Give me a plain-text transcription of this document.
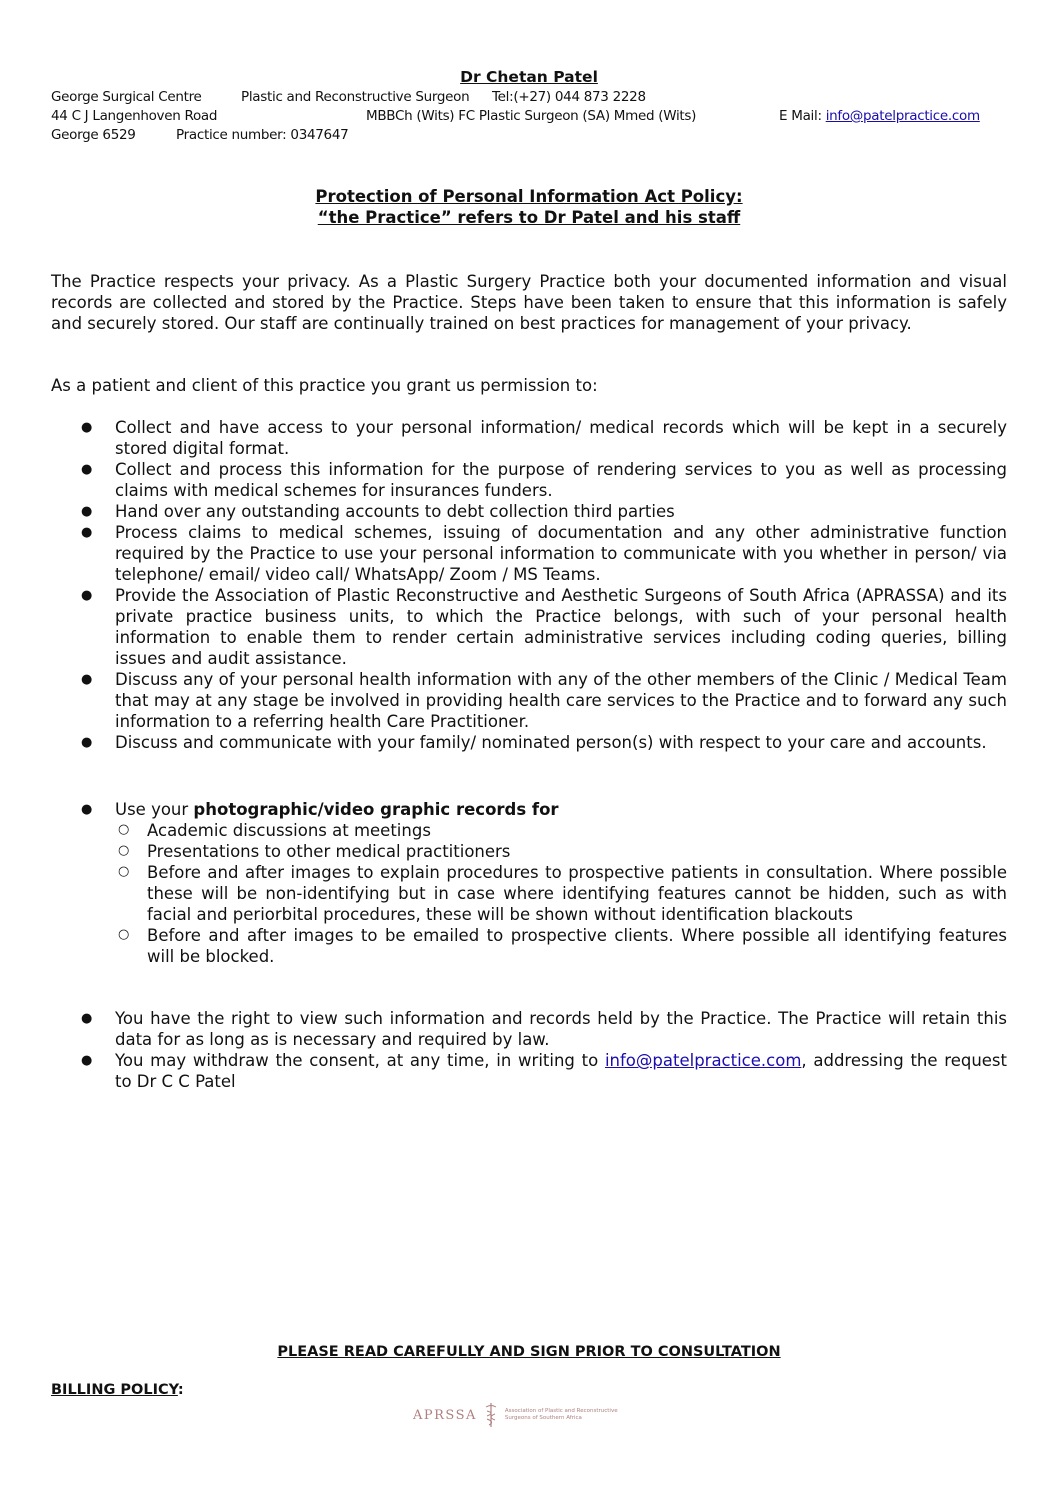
Dr Chetan Patel
George Surgical Centre	Plastic and Reconstructive Surgeon Tel:(+27) 044 873 2228
44 C J Langenhoven Road	MBBCh (Wits) FC Plastic Surgeon (SA) Mmed (Wits)	E Mail: info@patelpractice.com
George 6529	Practice number: 0347647
Protection of Personal Information Act Policy:
“the Practice” refers to Dr Patel and his staff
The Practice respects your privacy. As a Plastic Surgery Practice both your documented information and visual records are collected and stored by the Practice. Steps have been taken to ensure that this information is safely and securely stored. Our staff are continually trained on best practices for management of your privacy.
As a patient and client of this practice you grant us permission to:
● Collect and have access to your personal information/ medical records which will be kept in a securely stored digital format.
● Collect and process this information for the purpose of rendering services to you as well as processing claims with medical schemes for insurances funders.
● Hand over any outstanding accounts to debt collection third parties
● Process claims to medical schemes, issuing of documentation and any other administrative function required by the Practice to use your personal information to communicate with you whether in person/ via telephone/ email/ video call/ WhatsApp/ Zoom / MS Teams.
● Provide the Association of Plastic Reconstructive and Aesthetic Surgeons of South Africa (APRASSA) and its private practice business units, to which the Practice belongs, with such of your personal health information to enable them to render certain administrative services including coding queries, billing issues and audit assistance.
● Discuss any of your personal health information with any of the other members of the Clinic / Medical Team that may at any stage be involved in providing health care services to the Practice and to forward any such information to a referring health Care Practitioner.
● Discuss and communicate with your family/ nominated person(s) with respect to your care and accounts.
● Use your photographic/video graphic records for
○ Academic discussions at meetings
○ Presentations to other medical practitioners
○ Before and after images to explain procedures to prospective patients in consultation. Where possible these will be non-identifying but in case where identifying features cannot be hidden, such as with facial and periorbital procedures, these will be shown without identification blackouts
○ Before and after images to be emailed to prospective clients. Where possible all identifying features will be blocked.
● You have the right to view such information and records held by the Practice. The Practice will retain this data for as long as is necessary and required by law.
● You may withdraw the consent, at any time, in writing to info@patelpractice.com, addressing the request to Dr C C Patel
PLEASE READ CAREFULLY AND SIGN PRIOR TO CONSULTATION
BILLING POLICY:
APRSSA	Association of Plastic and Reconstructive
Surgeons of Southern Africa
